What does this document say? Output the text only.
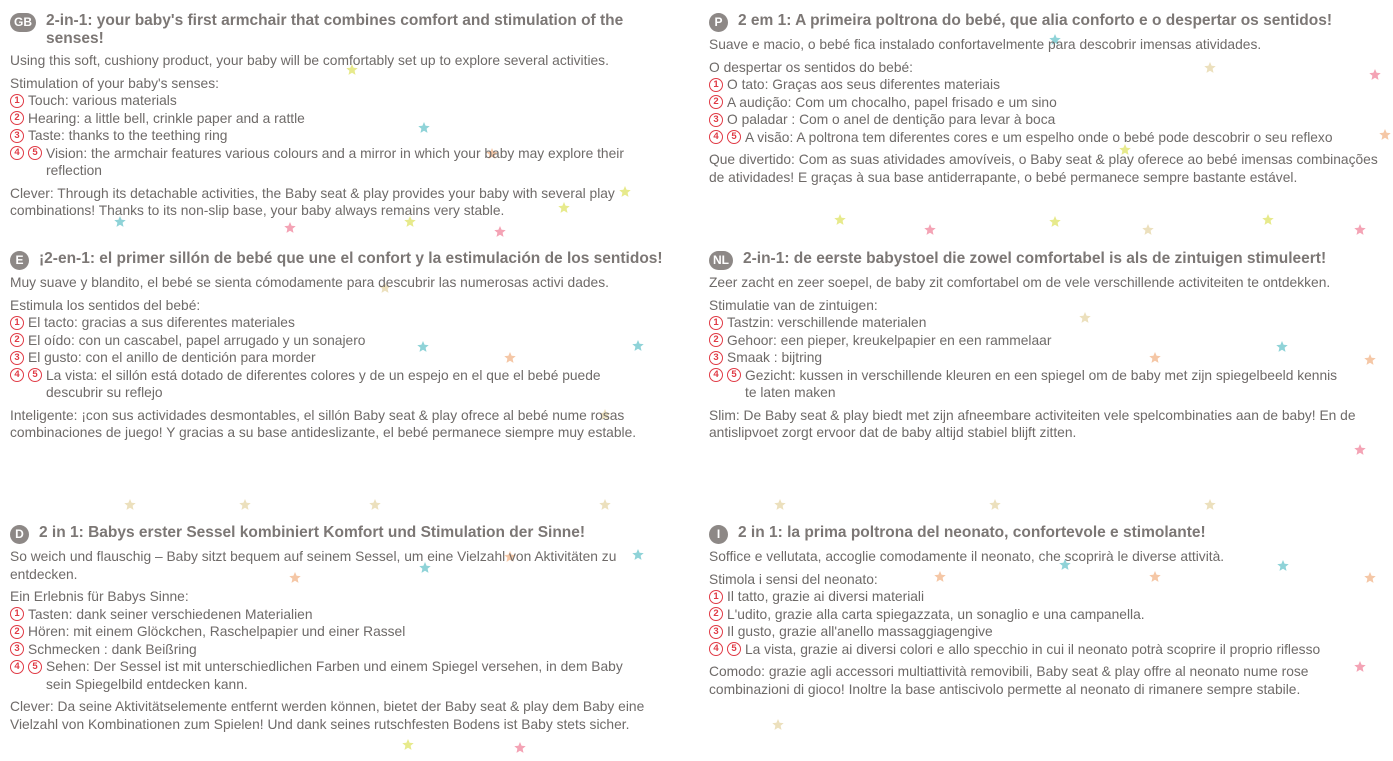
GB 2-in-1: your baby's first armchair that combines comfort and stimulation of the senses!

Using this soft, cushiony product, your baby will be comfortably set up to explore several activities.

Stimulation of your baby's senses:

1 Touch: various materials
2 Hearing: a little bell, crinkle paper and a rattle
3 Taste: thanks to the teething ring
4	5 Vision: the armchair features various colours and a mirror in which your baby may explore their reflection

Clever: Through its detachable activities, the Baby seat & play provides your baby with several play combinations! Thanks to its non-slip base, your baby always remains very stable.

E	¡2-en-1: el primer sillón de bebé que une el confort y la estimulación de los sentidos!

Muy suave y blandito, el bebé se sienta cómodamente para descubrir las numerosas activi dades.

Estimula los sentidos del bebé:

1 El tacto: gracias a sus diferentes materiales
2 El oído: con un cascabel, papel arrugado y un sonajero
3 El gusto: con el anillo de dentición para morder
4	5 La vista: el sillón está dotado de diferentes colores y de un espejo en el que el bebé puede descubrir su reflejo

Inteligente: ¡con sus actividades desmontables, el sillón Baby seat & play ofrece al bebé nume rosas combinaciones de juego! Y gracias a su base antideslizante, el bebé permanece siempre muy estable.

D 2 in 1: Babys erster Sessel kombiniert Komfort und Stimulation der Sinne!

So weich und flauschig – Baby sitzt bequem auf seinem Sessel, um eine Vielzahl von Aktivitäten zu entdecken.

Ein Erlebnis für Babys Sinne:

1 Tasten: dank seiner verschiedenen Materialien
2 Hören: mit einem Glöckchen, Raschelpapier und einer Rassel
3 Schmecken : dank Beißring
4	5 Sehen: Der Sessel ist mit unterschiedlichen Farben und einem Spiegel versehen, in dem Baby sein Spiegelbild entdecken kann.

Clever: Da seine Aktivitätselemente entfernt werden können, bietet der Baby seat & play dem Baby eine Vielzahl von Kombinationen zum Spielen! Und dank seines rutschfesten Bodens ist Baby stets sicher.

P	2 em 1: A primeira poltrona do bebé, que alia conforto e o despertar os sentidos!

Suave e macio, o bebé fica instalado confortavelmente para descobrir imensas atividades.

O despertar os sentidos do bebé:

1 O tato: Graças aos seus diferentes materiais
2 A audição: Com um chocalho, papel frisado e um sino
3 O paladar : Com o anel de dentição para levar à boca
4	5 A visão: A poltrona tem diferentes cores e um espelho onde o bebé pode descobrir o seu reflexo

Que divertido: Com as suas atividades amovíveis, o Baby seat & play oferece ao bebé imensas combinações de atividades! E graças à sua base antiderrapante, o bebé permanece sempre bastante estável.

NL 2-in-1: de eerste babystoel die zowel comfortabel is als de zintuigen stimuleert!

Zeer zacht en zeer soepel, de baby zit comfortabel om de vele verschillende activiteiten te ontdekken.

Stimulatie van de zintuigen:

1 Tastzin: verschillende materialen
2 Gehoor: een pieper, kreukelpapier en een rammelaar
3 Smaak : bijtring
4	5 Gezicht: kussen in verschillende kleuren en een spiegel om de baby met zijn spiegelbeeld kennis te laten maken

Slim: De Baby seat & play biedt met zijn afneembare activiteiten vele spelcombinaties aan de baby! En de antislipvoet zorgt ervoor dat de baby altijd stabiel blijft zitten.

I	2 in 1: la prima poltrona del neonato, confortevole e stimolante!

Soffice e vellutata, accoglie comodamente il neonato, che scoprirà le diverse attività.

Stimola i sensi del neonato:

1 Il tatto, grazie ai diversi materiali
2 L'udito, grazie alla carta spiegazzata, un sonaglio e una campanella.
3 Il gusto, grazie all'anello massaggiagengive
4	5 La vista, grazie ai diversi colori e allo specchio in cui il neonato potrà scoprire il proprio riflesso

Comodo: grazie agli accessori multiattività removibili, Baby seat & play offre al neonato nume rose combinazioni di gioco! Inoltre la base antiscivolo permette al neonato di rimanere sempre stabile.
